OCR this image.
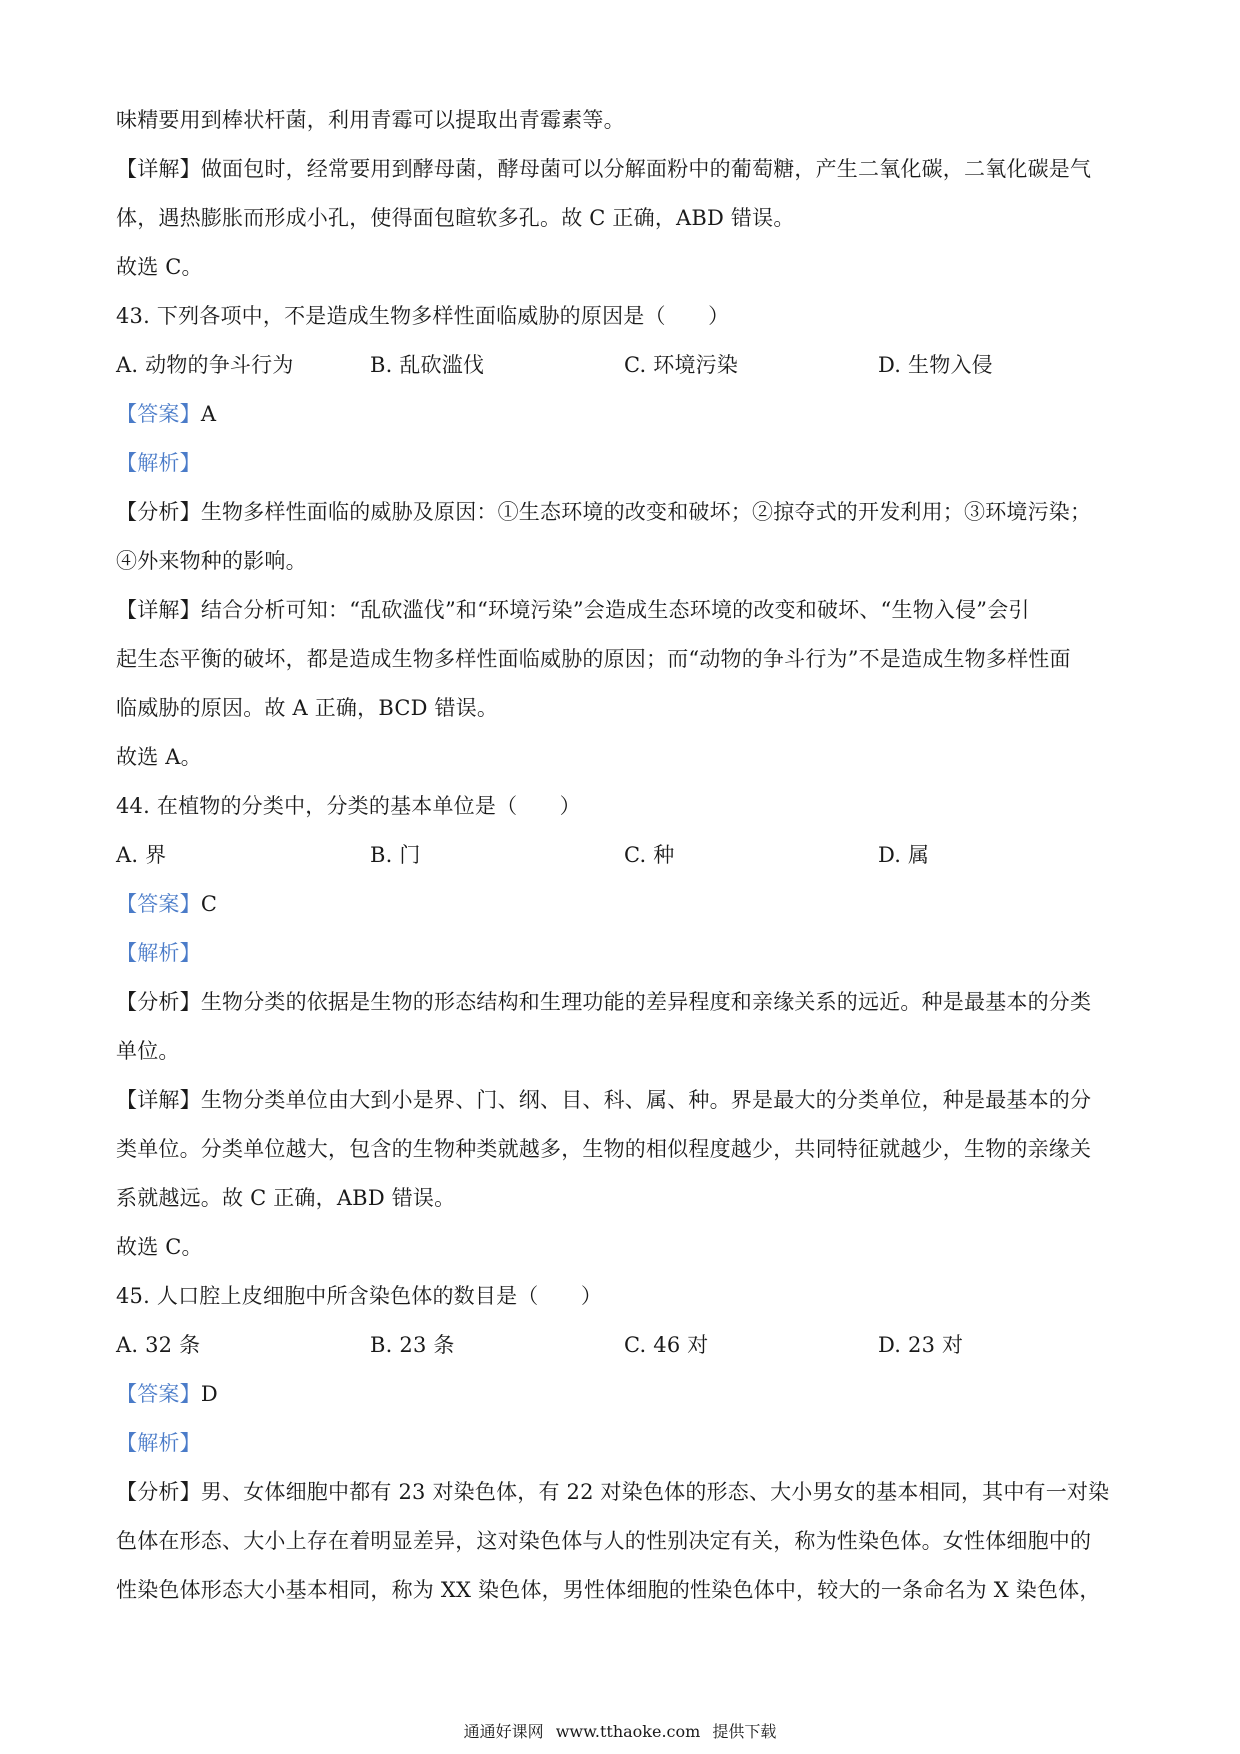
味精要用到棒状杆菌，利用青霉可以提取出青霉素等。
【详解】做面包时，经常要用到酵母菌，酵母菌可以分解面粉中的葡萄糖，产生二氧化碳，二氧化碳是气
体，遇热膨胀而形成小孔，使得面包暄软多孔。故 C 正确，ABD 错误。
故选 C。
43. 下列各项中，不是造成生物多样性面临威胁的原因是（　　）
A. 动物的争斗行为	B. 乱砍滥伐	C. 环境污染	D. 生物入侵
【答案】A
【解析】
【分析】生物多样性面临的威胁及原因：①生态环境的改变和破坏；②掠夺式的开发利用；③环境污染；
④外来物种的影响。
【详解】结合分析可知：“乱砍滥伐”和“环境污染”会造成生态环境的改变和破坏、“生物入侵”会引
起生态平衡的破坏，都是造成生物多样性面临威胁的原因；而“动物的争斗行为”不是造成生物多样性面
临威胁的原因。故 A 正确，BCD 错误。
故选 A。
44. 在植物的分类中，分类的基本单位是（　　）
A. 界	B. 门	C. 种	D. 属
【答案】C
【解析】
【分析】生物分类的依据是生物的形态结构和生理功能的差异程度和亲缘关系的远近。种是最基本的分类
单位。
【详解】生物分类单位由大到小是界、门、纲、目、科、属、种。界是最大的分类单位，种是最基本的分
类单位。分类单位越大，包含的生物种类就越多，生物的相似程度越少，共同特征就越少，生物的亲缘关
系就越远。故 C 正确，ABD 错误。
故选 C。
45. 人口腔上皮细胞中所含染色体的数目是（　　）
A. 32 条	B. 23 条	C. 46 对	D. 23 对
【答案】D
【解析】
【分析】男、女体细胞中都有 23 对染色体，有 22 对染色体的形态、大小男女的基本相同，其中有一对染
色体在形态、大小上存在着明显差异，这对染色体与人的性别决定有关，称为性染色体。女性体细胞中的
性染色体形态大小基本相同，称为 XX 染色体，男性体细胞的性染色体中，较大的一条命名为 X 染色体，
通通好课网 www.tthaoke.com 提供下载
